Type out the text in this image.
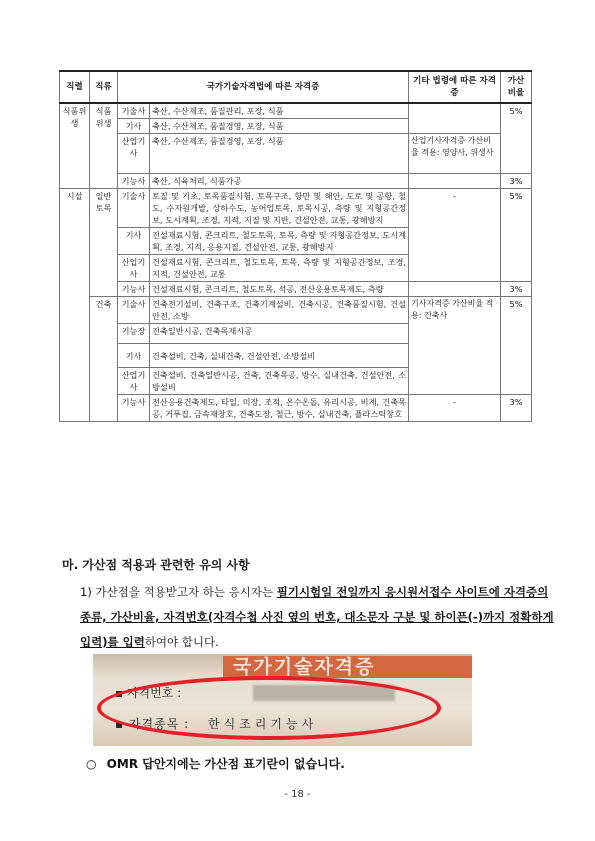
직렬	직류	국가기술자격법에 따른 자격증		기타 법령에 따른 자격증	가산 비율
식품위생	식품위생	기술사	축산, 수산제조, 품질관리, 포장, 식품		5%
		기사	축산, 수산제조, 품질경영, 포장, 식품		
		산업기사	축산, 수산제조, 품질경영, 포장, 식품	산업기사자격증 가산비율 적용: 영양사, 위생사	
		기능사	축산, 식육처리, 식품가공		3%
시설	일반토목	기술사	토질 및 기초, 토목품질시험, 토목구조, 항만 및 해안, 도로 및 공항, 철도, 수자원개발, 상하수도, 농어업토목, 토목시공, 측량 및 지형공간정보, 도시계획, 조경, 지적, 지질 및 지반, 건설안전, 교통, 광해방지	-	5%
		기사	건설재료시험, 콘크리트, 철도토목, 토목, 측량 및 지형공간정보, 도시계획, 조경, 지적, 응용지질, 건설안전, 교통, 광해방지		
		산업기사	건설재료시험, 콘크리트, 철도토목, 토목, 측량 및 지형공간정보, 조경, 지적, 건설안전, 교통		
		기능사	건설재료시험, 콘크리트, 철도토목, 석공, 전산응용토목제도, 측량		3%
	건축	기술사	건축전기설비, 건축구조, 건축기계설비, 건축시공, 건축품질시험, 건설안전, 소방	기사자격증 가산비율 적용: 건축사	5%
		기능장	건축일반시공, 건축목재시공		
		기사	건축설비, 건축, 실내건축, 건설안전, 소방설비		
		산업기사	건축설비, 건축일반시공, 건축, 건축목공, 방수, 실내건축, 건설안전, 소방설비		
		기능사	전산응용건축제도, 타일, 미장, 조적, 온수온돌, 유리시공, 비계, 건축목공, 거푸집, 금속재창호, 건축도장, 철근, 방수, 실내건축, 플라스틱창호	-	3%
마. 가산점 적용과 관련한 유의 사항
1) 가산점을 적용받고자 하는 응시자는 필기시험일 전일까지 응시원서접수 사이트에 자격증의 종류, 가산비율, 자격번호(자격수첩 사진 옆의 번호, 대소문자 구분 및 하이픈(-)까지 정확하게 입력)를 입력하여야 합니다.
국가기술자격증
▪ 자격번호 :
▪ 자격종목 : 한식조리기능사
○ OMR 답안지에는 가산점 표기란이 없습니다.
- 18 -
